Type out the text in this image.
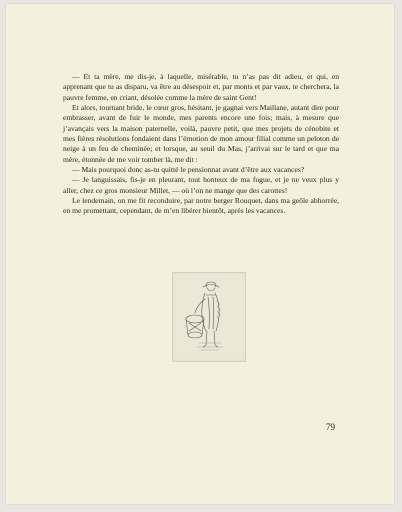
— Et ta mère, me dis-je, à laquelle, misérable, tu n’as pas dit adieu, et qui, en apprenant que tu as disparu, va être au désespoir et, par monts et par vaux, te cherchera, la pauvre femme, en criant, désolée comme la mère de saint Gent!

Et alors, tournant bride, le cœur gros, hésitant, je gagnai vers Maillane, autant dire pour embrasser, avant de fuir le monde, mes parents encore une fois; mais, à mesure que j’avançais vers la maison paternelle, voilà, pauvre petit, que mes projets de cénobite et mes fières résolutions fondaient dans l’émotion de mon amour filial comme un peloton de neige à un feu de cheminée; et lorsque, au seuil du Mas, j’arrivai sur le tard et que ma mère, étonnée de me voir tomber là, me dit :

— Mais pourquoi donc as-tu quitté le pensionnat avant d’être aux vacances?

— Je languissais, fis-je en pleurant, tout honteux de ma fugue, et je ne veux plus y aller, chez ce gros monsieur Millet, — où l’on ne mange que des carottes!

Le lendemain, on me fit reconduire, par notre berger Rouquet, dans ma geôle abhorrée, en me promettant, cependant, de m’en libérer bientôt, après les vacances.

79
